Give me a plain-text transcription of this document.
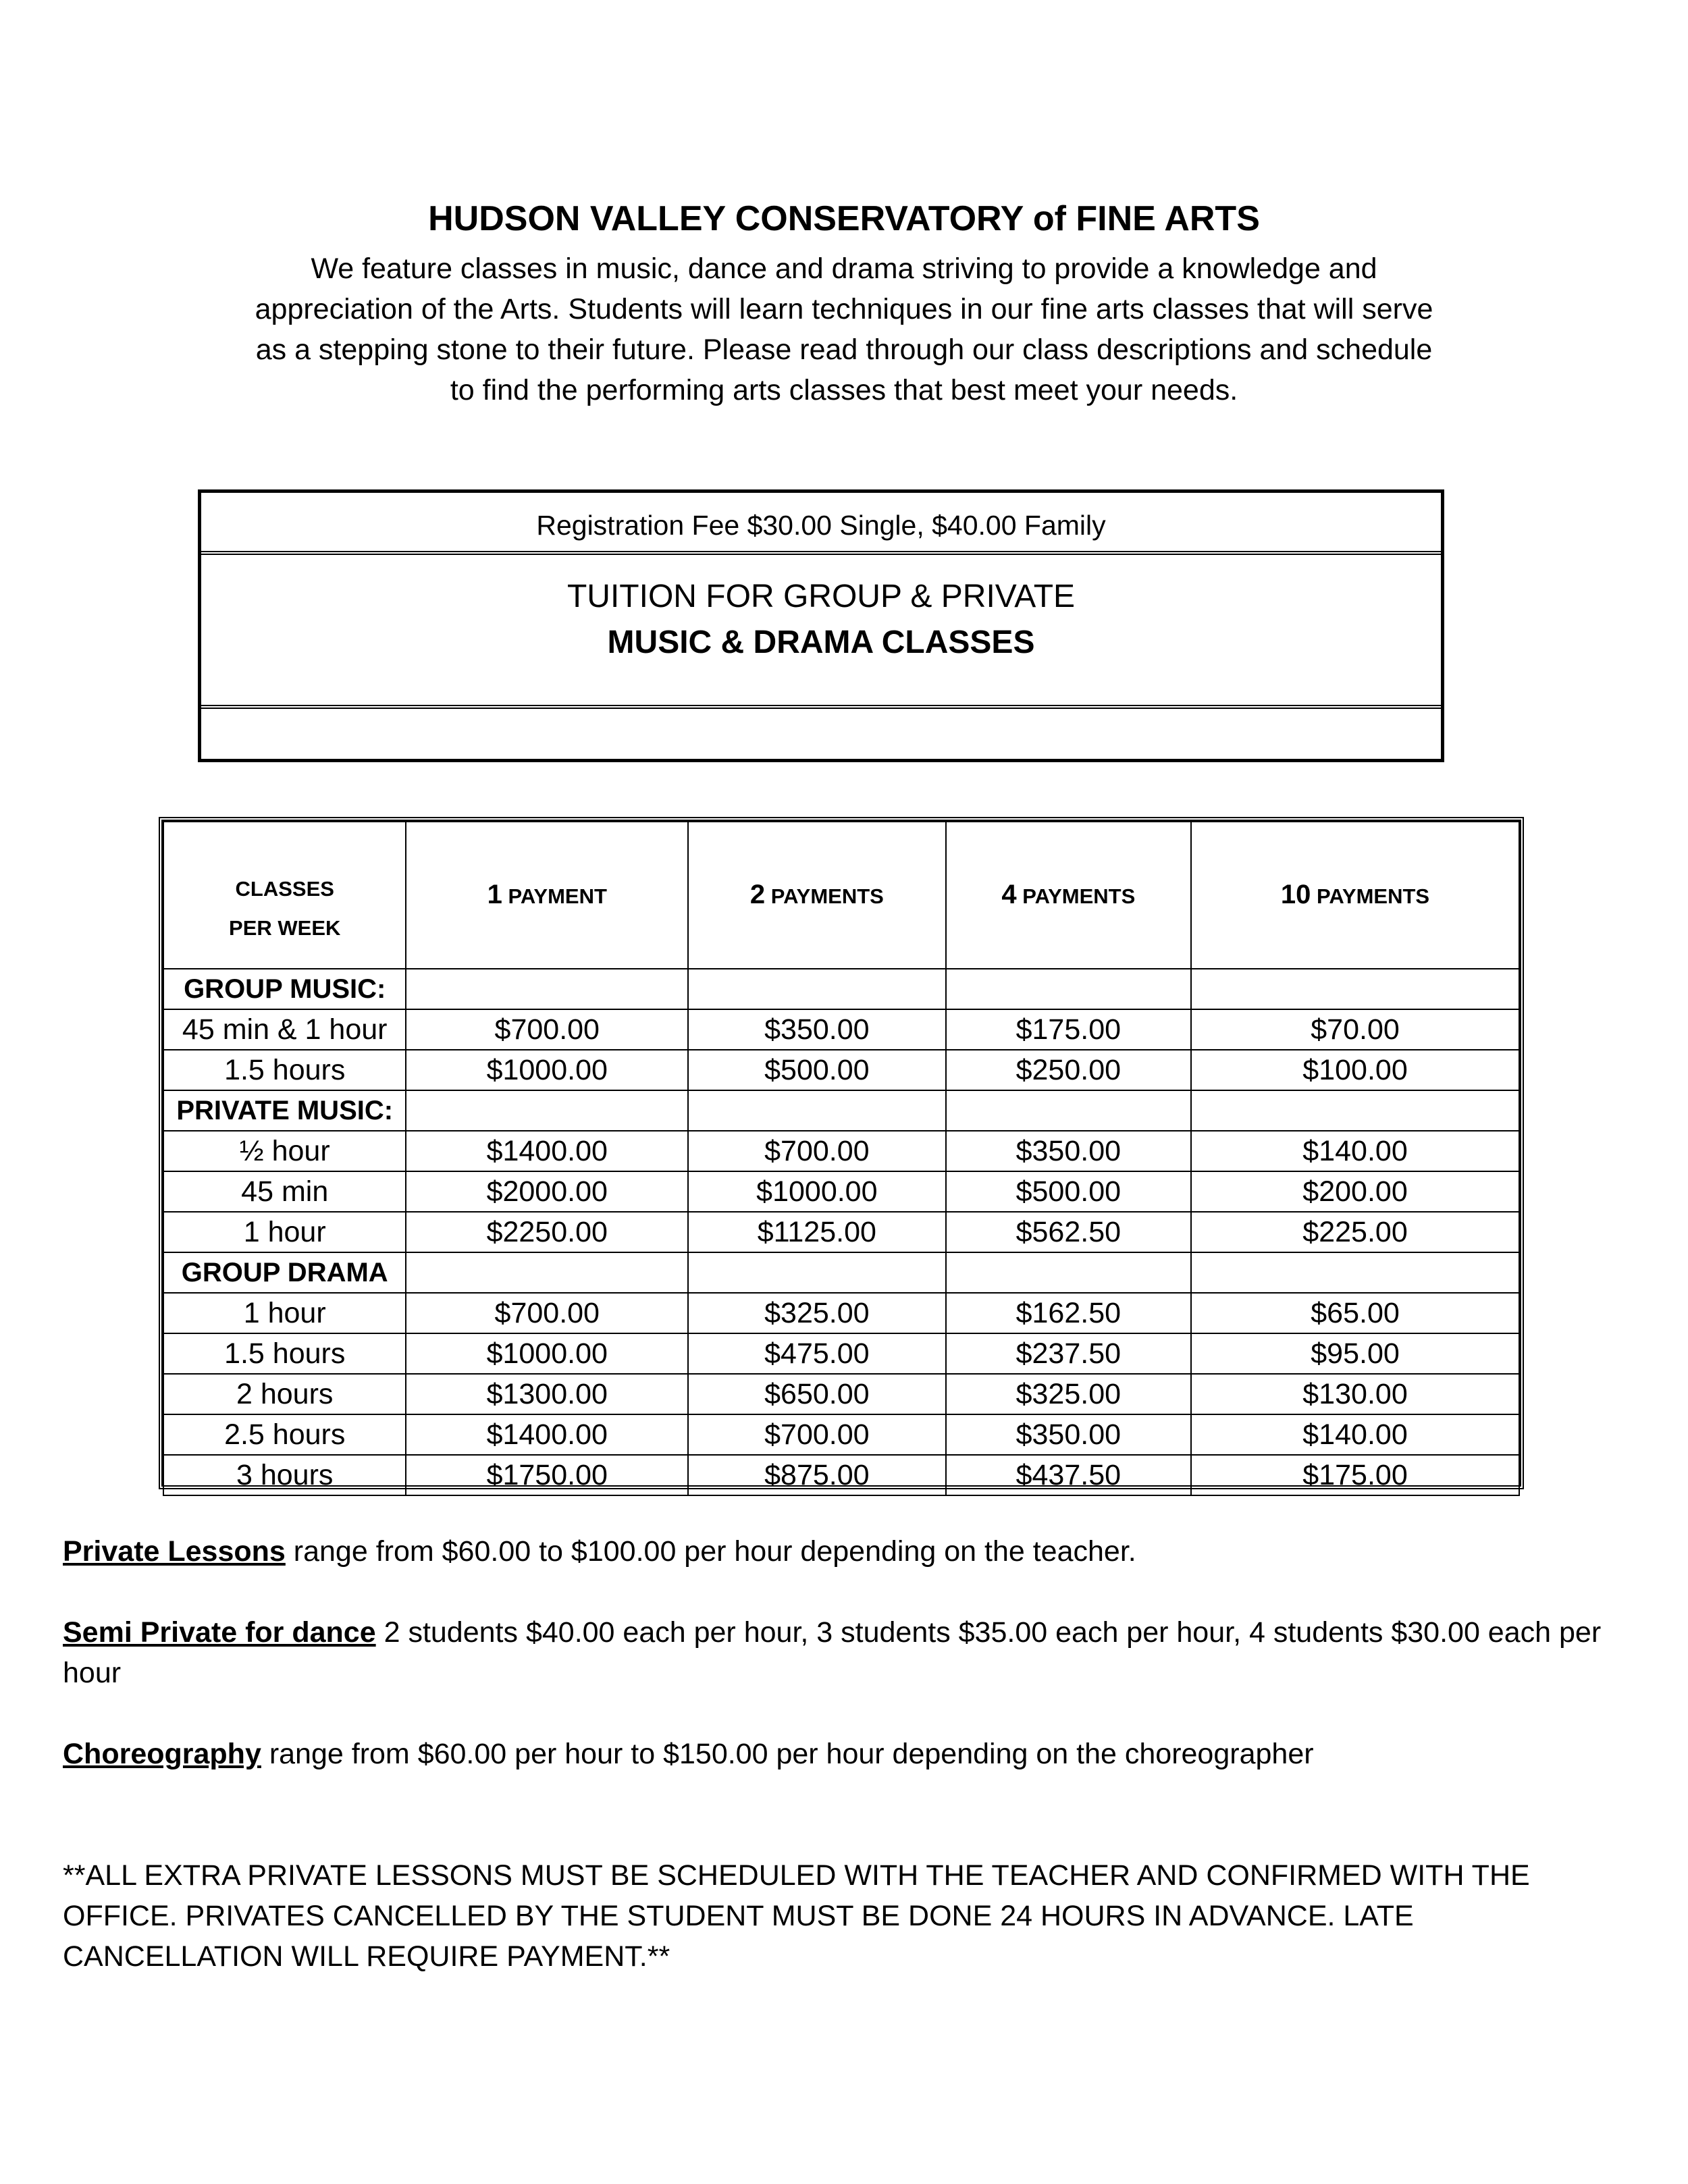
HUDSON VALLEY CONSERVATORY of FINE ARTS
We feature classes in music, dance and drama striving to provide a knowledge and appreciation of the Arts. Students will learn techniques in our fine arts classes that will serve as a stepping stone to their future. Please read through our class descriptions and schedule to find the performing arts classes that best meet your needs.
Registration Fee $30.00 Single, $40.00 Family
TUITION FOR GROUP & PRIVATE
MUSIC & DRAMA CLASSES
CLASSES
PER WEEK	1 PAYMENT	2 PAYMENTS	4 PAYMENTS	10 PAYMENTS
GROUP MUSIC:				
45 min & 1 hour	$700.00	$350.00	$175.00	$70.00
1.5 hours	$1000.00	$500.00	$250.00	$100.00
PRIVATE MUSIC:				
½ hour	$1400.00	$700.00	$350.00	$140.00
45 min	$2000.00	$1000.00	$500.00	$200.00
1 hour	$2250.00	$1125.00	$562.50	$225.00
GROUP DRAMA				
1 hour	$700.00	$325.00	$162.50	$65.00
1.5 hours	$1000.00	$475.00	$237.50	$95.00
2 hours	$1300.00	$650.00	$325.00	$130.00
2.5 hours	$1400.00	$700.00	$350.00	$140.00
3 hours	$1750.00	$875.00	$437.50	$175.00

Private Lessons range from $60.00 to $100.00 per hour depending on the teacher.

Semi Private for dance 2 students $40.00 each per hour, 3 students $35.00 each per hour, 4 students $30.00 each per hour

Choreography range from $60.00 per hour to $150.00 per hour depending on the choreographer

**ALL EXTRA PRIVATE LESSONS MUST BE SCHEDULED WITH THE TEACHER AND CONFIRMED WITH THE OFFICE. PRIVATES CANCELLED BY THE STUDENT MUST BE DONE 24 HOURS IN ADVANCE. LATE CANCELLATION WILL REQUIRE PAYMENT.**
